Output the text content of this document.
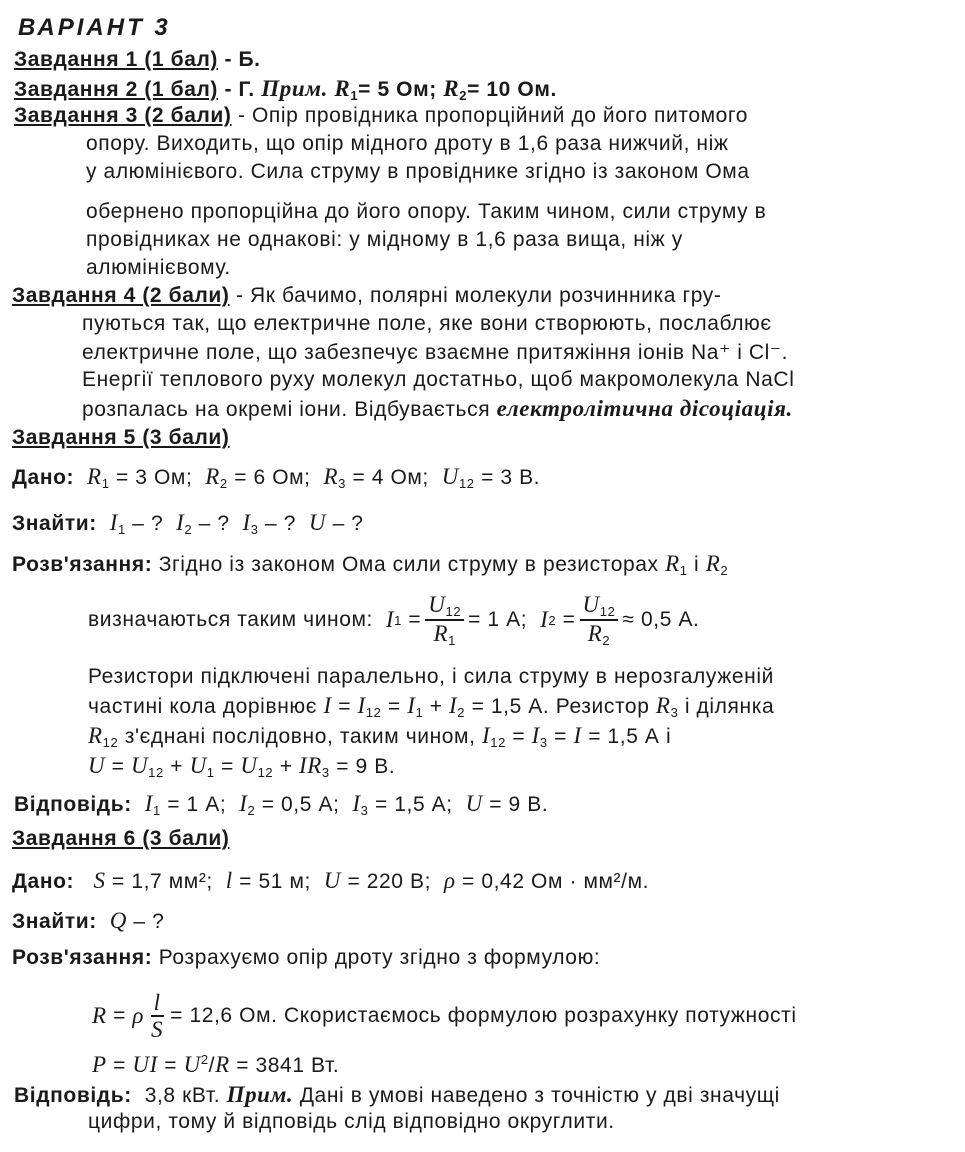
ВАРІАНТ 3
Завдання 1 (1 бал) - Б.
Завдання 2 (1 бал) - Г. Прим. $R_1= 5$ Ом; $R_2= 10$ Ом.
Завдання 3 (2 бали) - Опір провідника пропорційний до його питомого
опору. Виходить, що опір мідного дроту в 1,6 раза нижчий, ніж
у алюмінієвого. Сила струму в провіднике згідно із законом Ома
обернено пропорційна до його опору. Таким чином, сили струму в
провідниках не однакові: у мідному в 1,6 раза вища, ніж у
алюмінієвому.
Завдання 4 (2 бали) - Як бачимо, полярні молекули розчинника гру-
пуються так, що електричне поле, яке вони створюють, послаблює
електричне поле, що забезпечує взаємне притяжіння іонів Na⁺ і Cl⁻.
Енергії теплового руху молекул достатньо, щоб макромолекула NaCl
розпалась на окремі іони. Відбувається електролітична дісоціація.
Завдання 5 (3 бали)
Дано: $R_1 = 3$ Ом; $R_2 = 6$ Ом; $R_3 = 4$ Ом; $U_{12} = 3$ В.
Знайти: $I_1$ – ?  $I_2$ – ?  $I_3$ – ?  U – ?
Розв'язання: Згідно із законом Ома сили струму в резисторах $R_1$ і $R_2$
визначаються таким чином:
I $1 = \frac{U_{12}}{R_1} = 1$ А;
I $2 = \frac{U_{12}}{R_2} \approx 0,5$ А.
Резистори підключені паралельно, і сила струму в нерозгалуженій
частині кола дорівнює $I = I_{12} = I_1 + I_2 = 1,5$ А. Резистор $R_3$ і ділянка
$R_{12}$ з'єднані послідовно, таким чином, $I_{12} = I_3 = I = 1,5$ А і
$U = U_{12} + U_1 = U_{12} + IR_3 = 9$ В.
Відповідь: $I_1 = 1$ А; $I_2 = 0,5$ А; $I_3 = 1,5$ А; U = 9 В.
Завдання 6 (3 бали)
Дано: S = 1,7 мм²; l = 51 м; U = 220 В; ρ = 0,42 Ом · мм²/м.
Знайти: Q – ?
Розв'язання: Розрахуємо опір дроту згідно з формулою:
R = ρ $\frac{l}{S} = 12,6$ Ом.
Скористаємось формулою розрахунку потужності
P = UI = $U^2/R = 3841$ Вт.
Відповідь: 3,8 кВт. Прим. Дані в умові наведено з точністю у дві значущі
цифри, тому й відповідь слід відповідно округлити.
